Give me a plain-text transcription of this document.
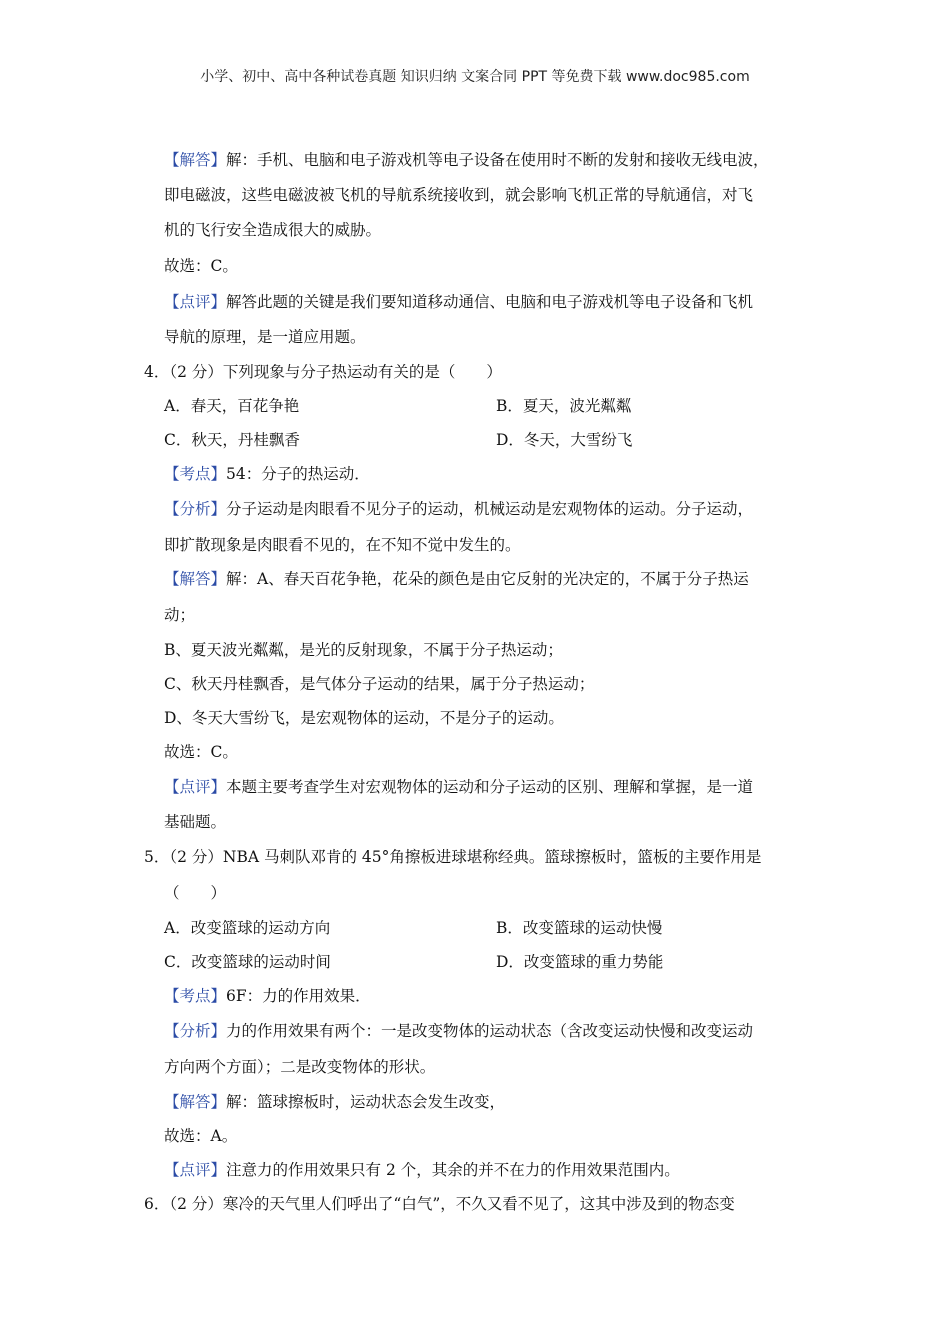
小学、初中、高中各种试卷真题 知识归纳 文案合同 PPT 等免费下载 www.doc985.com
【解答】解：手机、电脑和电子游戏机等电子设备在使用时不断的发射和接收无线电波，
即电磁波，这些电磁波被飞机的导航系统接收到，就会影响飞机正常的导航通信，对飞
机的飞行安全造成很大的威胁。
故选：C。
【点评】解答此题的关键是我们要知道移动通信、电脑和电子游戏机等电子设备和飞机
导航的原理，是一道应用题。
4．（2 分）下列现象与分子热运动有关的是（　　）
A．春天，百花争艳	B．夏天，波光粼粼
C．秋天，丹桂飘香	D．冬天，大雪纷飞
【考点】54：分子的热运动．
【分析】分子运动是肉眼看不见分子的运动，机械运动是宏观物体的运动。分子运动，
即扩散现象是肉眼看不见的，在不知不觉中发生的。
【解答】解：A、春天百花争艳，花朵的颜色是由它反射的光决定的，不属于分子热运
动；
B、夏天波光粼粼，是光的反射现象，不属于分子热运动；
C、秋天丹桂飘香，是气体分子运动的结果，属于分子热运动；
D、冬天大雪纷飞，是宏观物体的运动，不是分子的运动。
故选：C。
【点评】本题主要考查学生对宏观物体的运动和分子运动的区别、理解和掌握，是一道
基础题。
5．（2 分）NBA 马刺队邓肯的 45°角擦板进球堪称经典。篮球擦板时，篮板的主要作用是
（　　）
A．改变篮球的运动方向	B．改变篮球的运动快慢
C．改变篮球的运动时间	D．改变篮球的重力势能
【考点】6F：力的作用效果．
【分析】力的作用效果有两个：一是改变物体的运动状态（含改变运动快慢和改变运动
方向两个方面）；二是改变物体的形状。
【解答】解：篮球擦板时，运动状态会发生改变，
故选：A。
【点评】注意力的作用效果只有 2 个，其余的并不在力的作用效果范围内。
6．（2 分）寒冷的天气里人们呼出了“白气”，不久又看不见了，这其中涉及到的物态变
